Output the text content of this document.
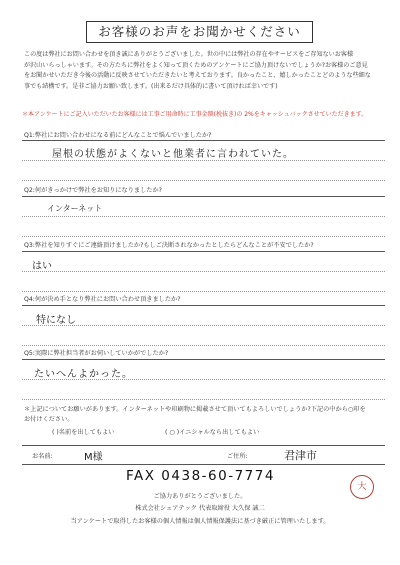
お客様のお声をお聞かせください
この度は弊社にお問い合わせを頂き誠にありがとうございました。世の中には弊社の存在やサービスをご存知ないお客様
が沢山いらっしゃいます。その方たちに弊社をよく知って頂くためのアンケートにご協力頂けないでしょうか?お客様のご意見
をお聞かせいただき今後の活動に反映させていただきたいと考えております。良かったこと、嬉しかったことどのような些細な
事でも結構です。是非ご協力お願い致します。(出来るだけ具体的に書いて頂ければ幸いです)
＊本アンケートにご記入いただいたお客様には工事ご用命時に工事金額(税抜き)の 2%をキャッシュバックさせていただきます。
Q1:弊社にお問い合わせになる前にどんなことで悩んでいましたか?
屋根の状態がよくないと他業者に言われていた。
Q2:何がきっかけで弊社をお知りになりましたか?
インターネット
Q3:弊社を知りすぐにご連絡頂けましたか?もしご決断されなかったとしたらどんなことが不安でしたか?
はい
Q4:何が決め手となり弊社にお問い合わせ頂きましたか?
特になし
Q5:実際に弊社担当者がお伺いしていかがでしたか?
たいへんよかった。
＊上記についてお願いがあります。インターネットや印刷物に掲載させて頂いてもよろしいでしょうか?下記の中から○印を
お付けください。
( )名前を出してもよい	( ○ )イニシャルなら出してもよい
お名前:	M様	ご住所:	君津市
FAX 0438-60-7774
ご協力ありがとうございました。
株式会社シェアテック 代表取締役 大久保 誠二
当アンケートで取得したお客様の個人情報は個人情報保護法に基づき厳正に管理いたします。
大
